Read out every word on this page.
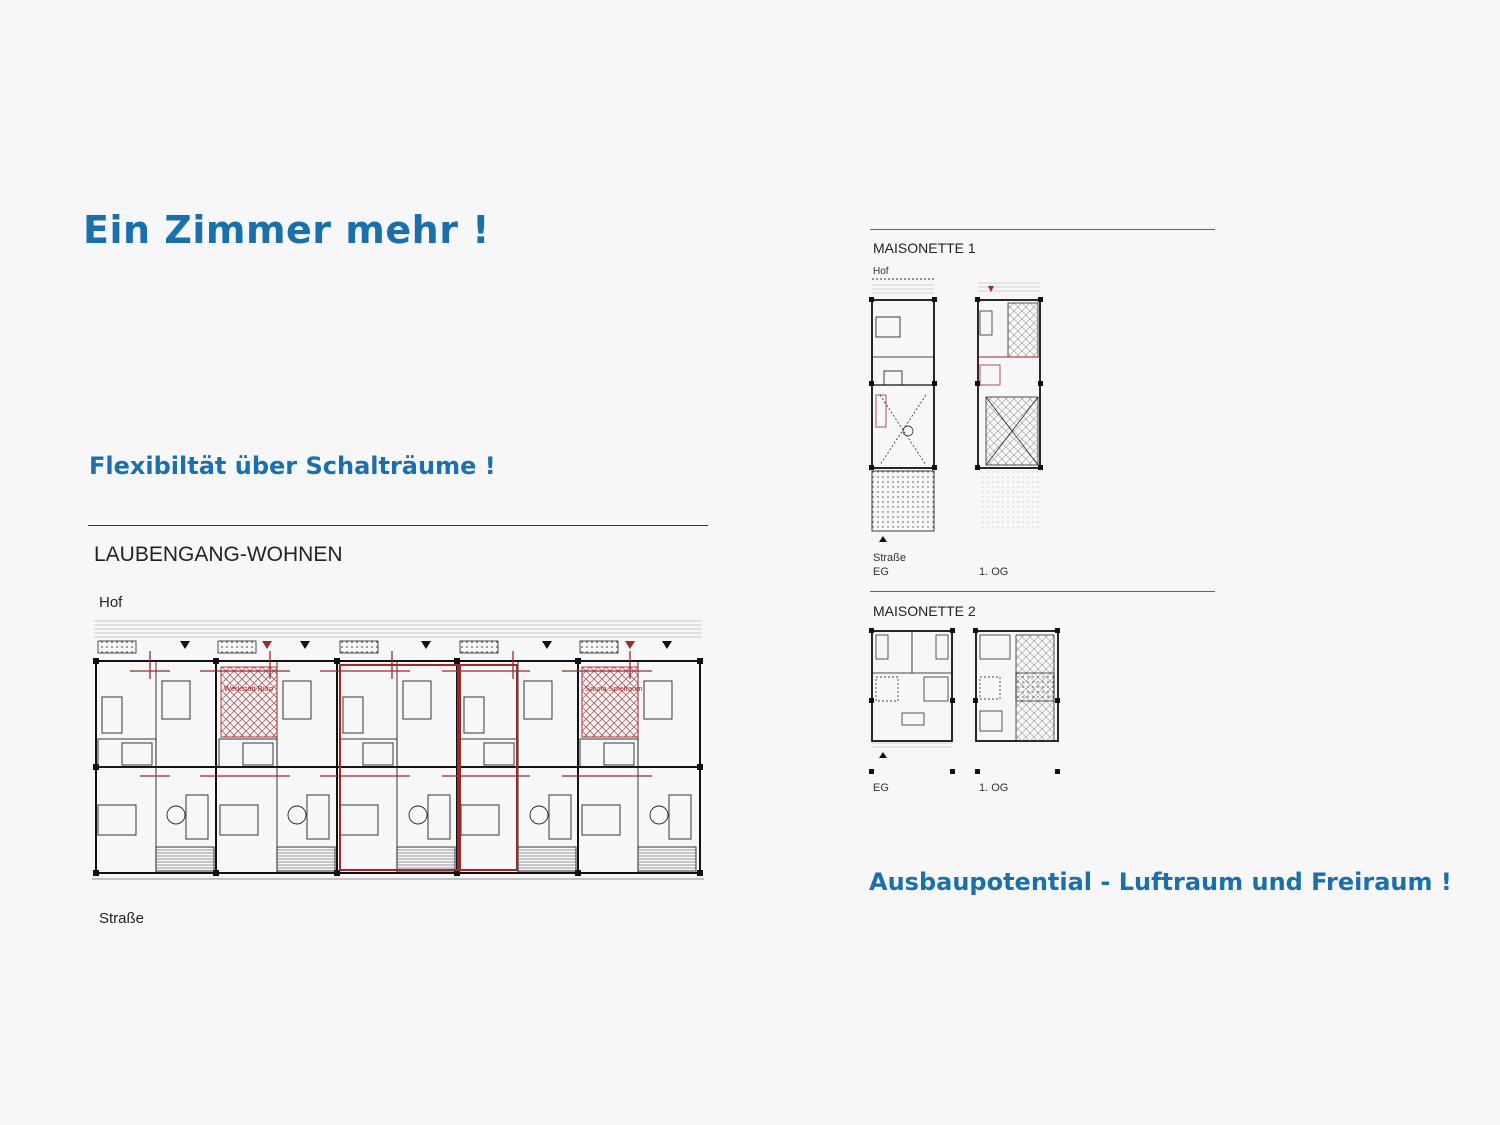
Ein Zimmer mehr !
Flexibiltät über Schalträume !
LAUBENGANG-WOHNEN
Hof
Straße
Werkstatt Büro	Sauna Spielraum
MAISONETTE 1
Hof
Straße
EG	1. OG
MAISONETTE 2
EG	1. OG
Ausbaupotential - Luftraum und Freiraum !
